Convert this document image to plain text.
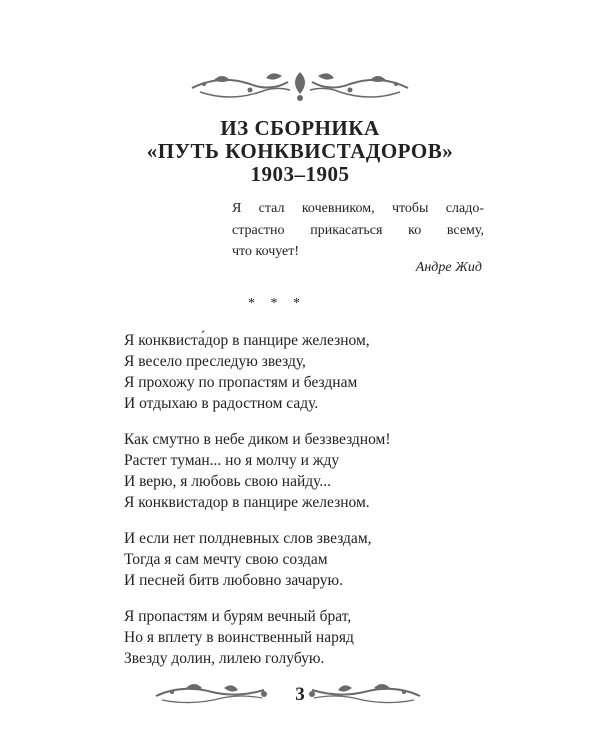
ИЗ СБОРНИКА
«ПУТЬ КОНКВИСТАДОРОВ»
1903–1905
Я стал кочевником, чтобы сладо-
страстно прикасаться ко всему,
что кочует!
Андре Жид
* * *
Я конквиста́дор в панцире железном,
Я весело преследую звезду,
Я прохожу по пропастям и безднам
И отдыхаю в радостном саду.
Как смутно в небе диком и беззвездном!
Растет туман... но я молчу и жду
И верю, я любовь свою найду...
Я конквистадор в панцире железном.
И если нет полдневных слов звездам,
Тогда я сам мечту свою создам
И песней битв любовно зачарую.
Я пропастям и бурям вечный брат,
Но я вплету в воинственный наряд
Звезду долин, лилею голубую.
3
